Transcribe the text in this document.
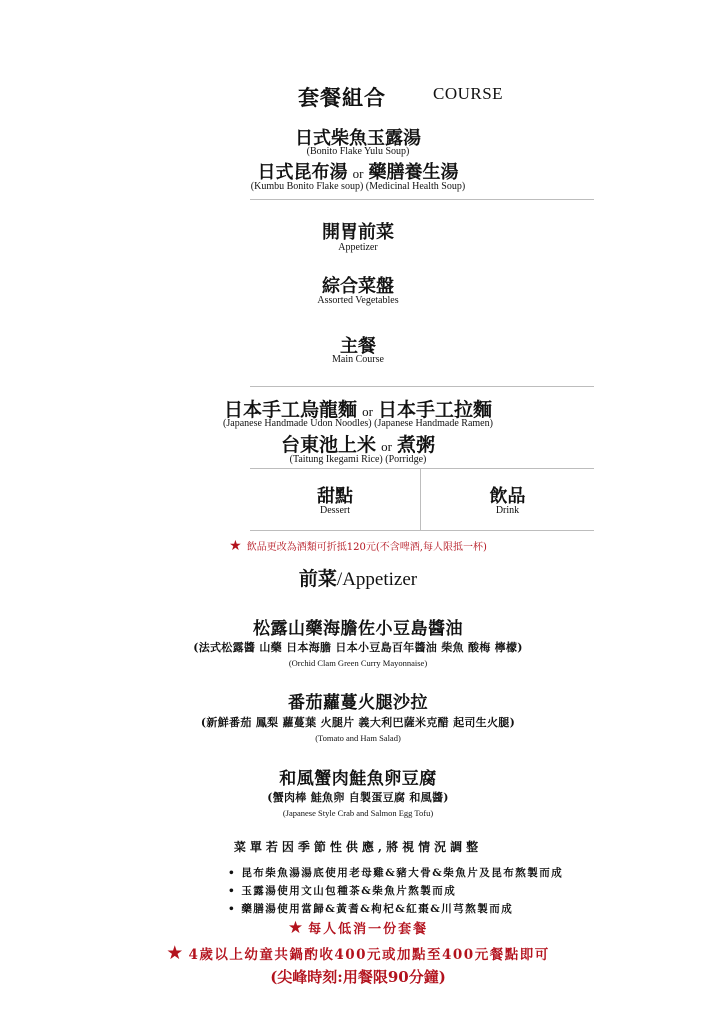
套餐組合	COURSE
日式柴魚玉露湯
(Bonito Flake Yulu Soup)
日式昆布湯 or 藥膳養生湯
(Kumbu Bonito Flake soup) (Medicinal Health Soup)
開胃前菜
Appetizer
綜合菜盤
Assorted Vegetables
主餐
Main Course
日本手工烏龍麵 or 日本手工拉麵
(Japanese Handmade Udon Noodles) (Japanese Handmade Ramen)
台東池上米 or 煮粥
(Taitung Ikegami Rice) (Porridge)
甜點
Dessert
飲品
Drink
★ 飲品更改為酒類可折抵120元(不含啤酒,每人限抵一杯)
前菜/Appetizer
松露山藥海膽佐小豆島醬油
(法式松露醬 山藥 日本海膽 日本小豆島百年醬油 柴魚 酸梅 檸檬)
(Orchid Clam Green Curry Mayonnaise)
番茄蘿蔓火腿沙拉
(新鮮番茄 鳳梨 蘿蔓葉 火腿片 義大利巴薩米克醋 起司生火腿)
(Tomato and Ham Salad)
和風蟹肉鮭魚卵豆腐
(蟹肉棒 鮭魚卵 自製蛋豆腐 和風醬)
(Japanese Style Crab and Salmon Egg Tofu)
菜單若因季節性供應,將視情況調整
• 昆布柴魚湯湯底使用老母雞&豬大骨&柴魚片及昆布熬製而成
• 玉露湯使用文山包種茶&柴魚片熬製而成
• 藥膳湯使用當歸&黃耆&枸杞&紅棗&川芎熬製而成
★ 每人低消一份套餐
★ 4歲以上幼童共鍋酌收400元或加點至400元餐點即可
(尖峰時刻:用餐限90分鐘)
